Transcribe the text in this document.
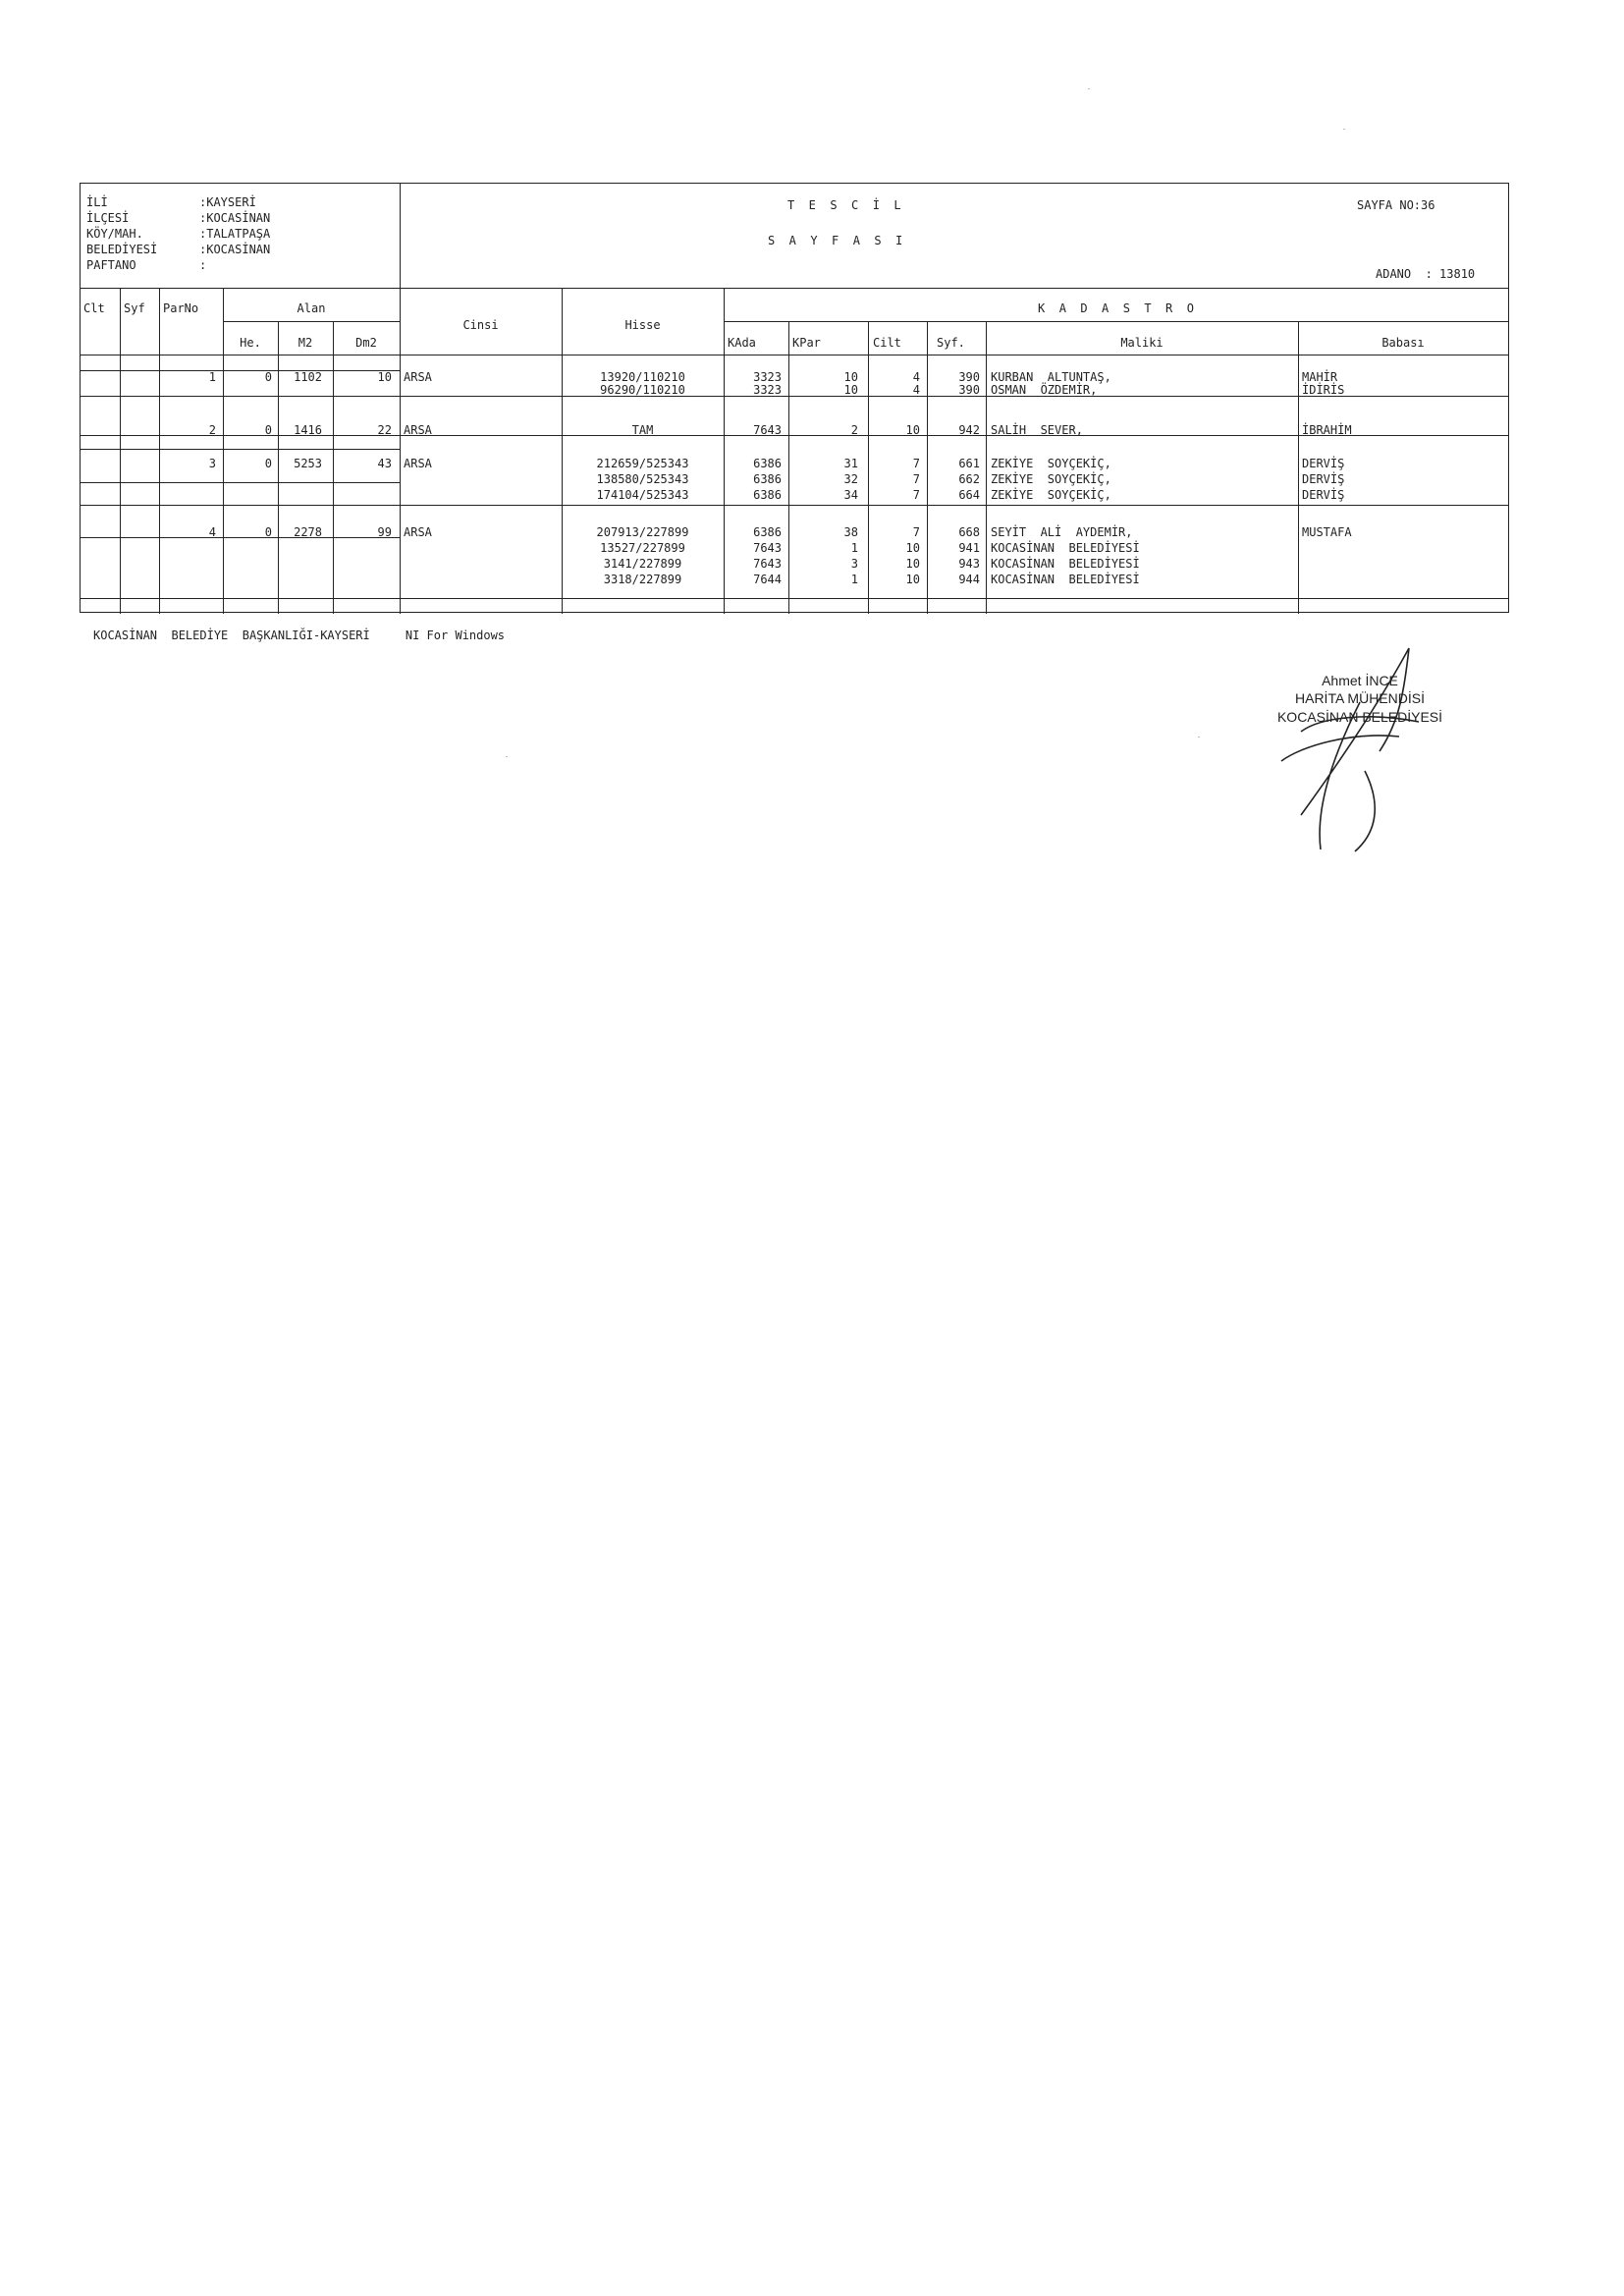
İLİ	:KAYSERİ
İLÇESİ	:KOCASİNAN
KÖY/MAH.	:TALATPAŞA
BELEDİYESİ	:KOCASİNAN
PAFTANO	:
T  E  S  C  İ  L
S  A  Y  F  A  S  I
SAYFA NO:36
ADANO  : 13810
Clt Syf ParNo	Alan
He.	M2	Dm2
Cinsi	Hisse
K  A  D  A  S  T  R  O
KAda	KPar	Cilt	Syf.	Maliki	Babası
1	0	1102	10 ARSA	13920/110210	3323	10	4	390 KURBAN  ALTUNTAŞ,	MAHİR
96290/110210	3323	10	4	390 OSMAN  ÖZDEMİR,	İDİRİS
2	0	1416	22 ARSA	TAM	7643	2	10	942 SALİH  SEVER,	İBRAHİM
3	0	5253	43 ARSA	212659/525343	6386	31	7	661 ZEKİYE  SOYÇEKİÇ,	DERVİŞ
138580/525343	6386	32	7	662 ZEKİYE  SOYÇEKİÇ,	DERVİŞ
174104/525343	6386	34	7	664 ZEKİYE  SOYÇEKİÇ,	DERVİŞ
4	0	2278	99 ARSA	207913/227899	6386	38	7	668 SEYİT  ALİ  AYDEMİR,	MUSTAFA
13527/227899	7643	1	10	941 KOCASİNAN  BELEDİYESİ
3141/227899	7643	3	10	943 KOCASİNAN  BELEDİYESİ
3318/227899	7644	1	10	944 KOCASİNAN  BELEDİYESİ
KOCASİNAN  BELEDİYE  BAŞKANLIĞI-KAYSERİ     NI For Windows
Ahmet İNCE
HARİTA MÜHENDİSİ
KOCASİNAN BELEDİYESİ
